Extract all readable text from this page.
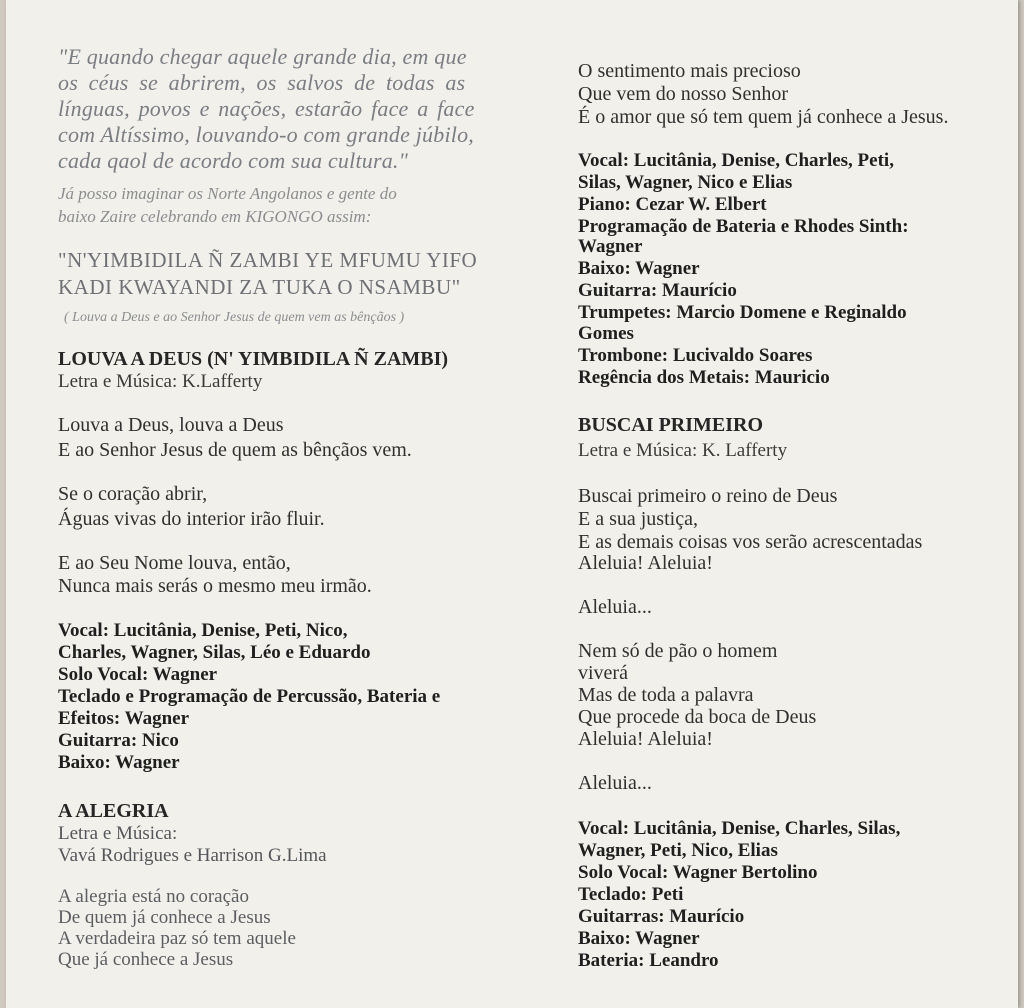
"E quando chegar aquele grande dia, em que
os céus se abrirem, os salvos de todas as
línguas, povos e nações, estarão face a face
com Altíssimo, louvando-o com grande júbilo,
cada qaol de acordo com sua cultura."
Já posso imaginar os Norte Angolanos e gente do
baixo Zaire celebrando em KIGONGO assim:
"N'YIMBIDILA Ñ ZAMBI YE MFUMU YIFO
KADI KWAYANDI ZA TUKA O NSAMBU"
( Louva a Deus e ao Senhor Jesus de quem vem as bênçãos )
LOUVA A DEUS (N' YIMBIDILA Ñ ZAMBI)
Letra e Música: K.Lafferty
Louva a Deus, louva a Deus
E ao Senhor Jesus de quem as bênçãos vem.
Se o coração abrir,
Águas vivas do interior irão fluir.
E ao Seu Nome louva, então,
Nunca mais serás o mesmo meu irmão.
Vocal: Lucitânia, Denise, Peti, Nico,
Charles, Wagner, Silas, Léo e Eduardo
Solo Vocal: Wagner
Teclado e Programação de Percussão, Bateria e
Efeitos: Wagner
Guitarra: Nico
Baixo: Wagner
A ALEGRIA
Letra e Música:
Vavá Rodrigues e Harrison G.Lima
A alegria está no coração
De quem já conhece a Jesus
A verdadeira paz só tem aquele
Que já conhece a Jesus
O sentimento mais precioso
Que vem do nosso Senhor
É o amor que só tem quem já conhece a Jesus.
Vocal: Lucitânia, Denise, Charles, Peti,
Silas, Wagner, Nico e Elias
Piano: Cezar W. Elbert
Programação de Bateria e Rhodes Sinth:
Wagner
Baixo: Wagner
Guitarra: Maurício
Trumpetes: Marcio Domene e Reginaldo
Gomes
Trombone: Lucivaldo Soares
Regência dos Metais: Mauricio
BUSCAI PRIMEIRO
Letra e Música: K. Lafferty
Buscai primeiro o reino de Deus
E a sua justiça,
E as demais coisas vos serão acrescentadas
Aleluia! Aleluia!
Aleluia...
Nem só de pão o homem
viverá
Mas de toda a palavra
Que procede da boca de Deus
Aleluia! Aleluia!
Aleluia...
Vocal: Lucitânia, Denise, Charles, Silas,
Wagner, Peti, Nico, Elias
Solo Vocal: Wagner Bertolino
Teclado: Peti
Guitarras: Maurício
Baixo: Wagner
Bateria: Leandro
